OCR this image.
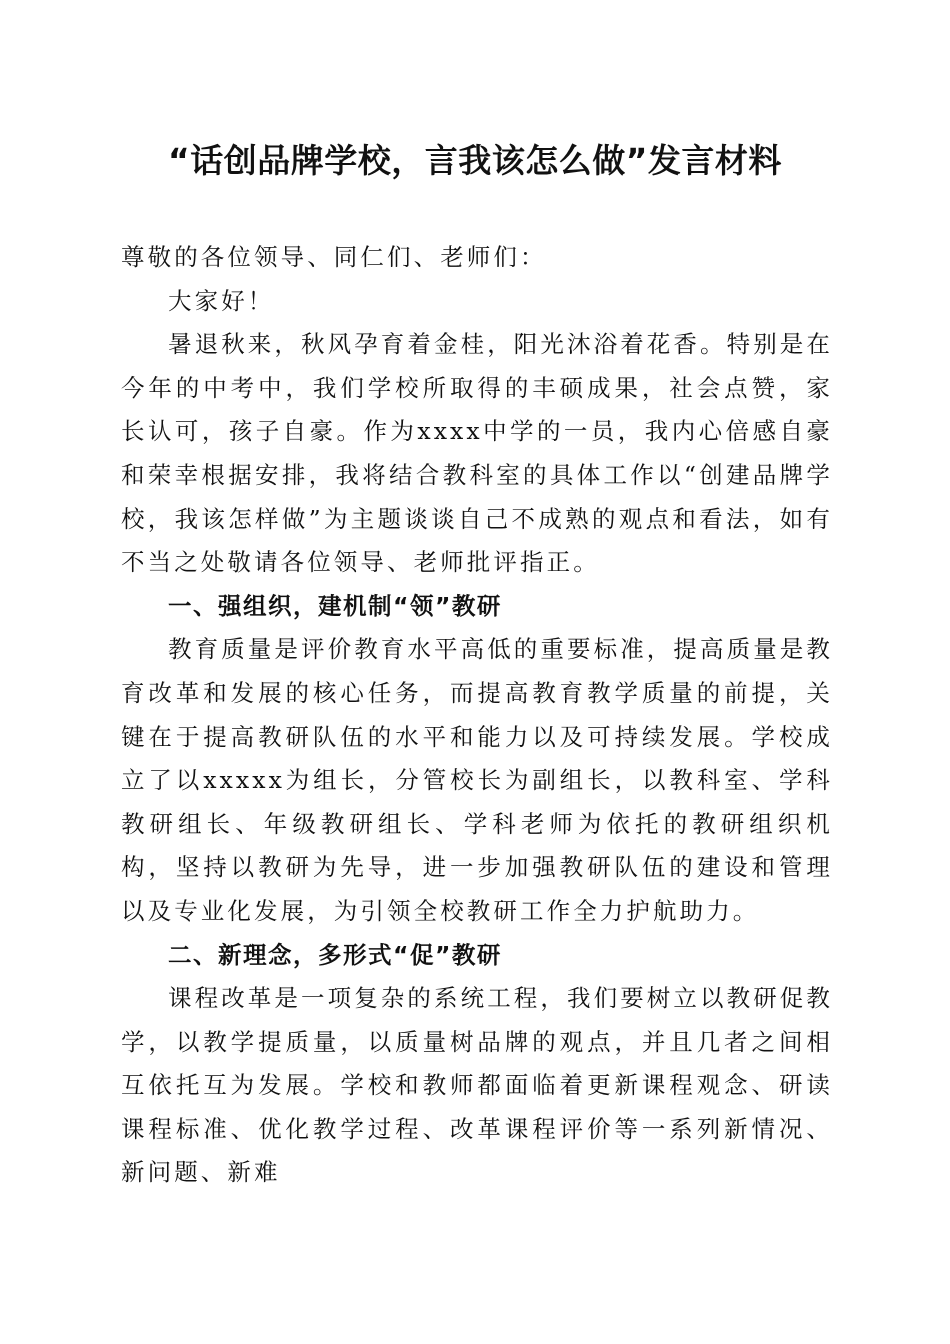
“话创品牌学校，言我该怎么做”发言材料

尊敬的各位领导、同仁们、老师们：

大家好！

暑退秋来，秋风孕育着金桂，阳光沐浴着花香。特别是在今年的中考中，我们学校所取得的丰硕成果，社会点赞，家长认可，孩子自豪。作为xxxx中学的一员，我内心倍感自豪和荣幸根据安排，我将结合教科室的具体工作以“创建品牌学校，我该怎样做”为主题谈谈自己不成熟的观点和看法，如有不当之处敬请各位领导、老师批评指正。

一、强组织，建机制“领”教研

教育质量是评价教育水平高低的重要标准，提高质量是教育改革和发展的核心任务，而提高教育教学质量的前提，关键在于提高教研队伍的水平和能力以及可持续发展。学校成立了以xxxxx为组长，分管校长为副组长，以教科室、学科教研组长、年级教研组长、学科老师为依托的教研组织机构，坚持以教研为先导，进一步加强教研队伍的建设和管理以及专业化发展，为引领全校教研工作全力护航助力。

二、新理念，多形式“促”教研

课程改革是一项复杂的系统工程，我们要树立以教研促教学，以教学提质量，以质量树品牌的观点，并且几者之间相互依托互为发展。学校和教师都面临着更新课程观念、研读课程标准、优化教学过程、改革课程评价等一系列新情况、新问题、新难
